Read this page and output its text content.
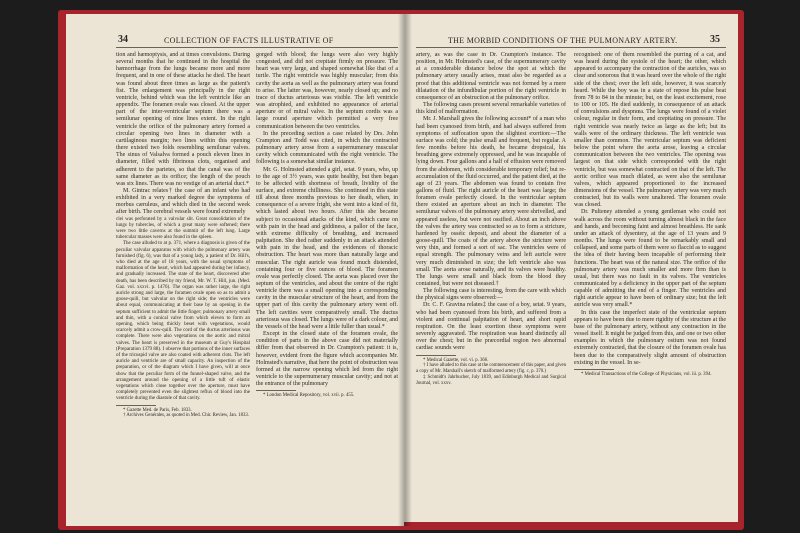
34	COLLECTION OF FACTS ILLUSTRATIVE OF

tion and hæmoptysis, and at times convulsions. During several months that he continued in the hospital the hæmorrhage from the lungs became more and more frequent, and in one of these attacks he died. The heart was found about three times as large as the patient's fist. The enlargement was principally in the right ventricle, behind which was the left ventricle like an appendix. The foramen ovale was closed. At the upper part of the inter-ventricular septum there was a semilunar opening of nine lines extent. In the right ventricle the orifice of the pulmonary artery formed a circular opening two lines in diameter with a cartilaginous margin; two lines within this opening there existed two folds resembling semilunar valves. The sinus of Valsalva formed a pouch eleven lines in diameter, filled with fibrinous clots, organised and adherent to the parietes, so that the canal was of the same diameter as its orifice; the length of the pouch was six lines. There was no vestige of an arterial duct.*

M. Gintrac relates† the case of an infant who had exhibited in a very marked degree the symptoms of morbus cæruleus, and which died in the second week after birth. The cerebral vessels were found extremely

clei was perforated by a valvular slit. Great consolidation of the lungs by tubercles, of which a great many were softened; there were two little caverns at the summit of the left lung. Large tubercular masses were also found in the spleen.

The case alluded to at p. 371, where a diagnosis is given of the peculiar valvular apparatus with which the pulmonary artery was furnished (fig. 6), was that of a young lady, a patient of Dr. Hill's, who died at the age of 18 years, with the usual symptoms of malformation of the heart, which had appeared during her infancy, and gradually increased. The state of the heart, discovered after death, has been described by my friend, Mr. W. T. Hill, jun. (Med. Gaz. vol. xxxvi. p. 1476). The organ was rather large, the right auricle strong and large, the foramen ovale open so as to admit a goose-quill, but valvular on the right side; the ventricles were about equal, communicating at their base by an opening in the septum sufficient to admit the little finger; pulmonary artery small and thin, with a conical valve from which eleven to form an opening, which being thickly beset with vegetations, would scarcely admit a crow-quill. The cord of the ductus arteriosus was complete. There were also vegetations on the aortic and mitral valves. The heart is preserved in the museum at Guy's Hospital (Preparation 1379 88). I observe that portions of the inner surfaces of the tricuspid valve are also coated with adherent clots. The left auricle and ventricle are of small capacity. An inspection of the preparation, or of the diagram which I have given, will at once show that the peculiar form of the funnel-shaped valve, and the arrangement around the opening of a little tuft of elastic vegetations which close together over the aperture, must have completely prevented even the slightest reflux of blood into the ventricle during the diastole of that cavity.

* Gazette Med. de Paris, Feb. 1833.

† Archives Genérales, as quoted in Med. Chir. Review, Jan. 1833.

gorged with blood; the lungs were also very highly congested, and did not crepitate firmly on pressure. The heart was very large, and shaped somewhat like that of a turtle. The right ventricle was highly muscular; from this cavity the aorta as well as the pulmonary artery was found to arise. The latter was, however, nearly closed up; and no trace of ductus arteriosus was visible. The left ventricle was atrophied, and exhibited no appearance of arterial aperture or of mitral valve. In the septum cordis was a large round aperture which permitted a very free communication between the two ventricles.

In the preceding section a case related by Drs. John Crampton and Todd was cited, in which the contracted pulmonary artery arose from a supernumerary muscular cavity which communicated with the right ventricle. The following is a somewhat similar instance.

Mr. G. Holmsted attended a girl, setat. 9 years, who, up to the age of 3½ years, was quite healthy, but then began to be affected with shortness of breath, lividity of the surface, and extreme chilliness. She continued in this state till about three months previous to her death, when, in consequence of a severe fright, she went into a kind of fit, which lasted about two hours. After this she became subject to occasional attacks of the kind, which came on with pain in the head and giddiness, a pallor of the face, with extreme difficulty of breathing, and increased palpitation. She died rather suddenly in an attack attended with pain in the head, and the evidences of thoracic obstruction. The heart was more than naturally large and muscular. The right auricle was found much distended, containing four or five ounces of blood. The foramen ovale was perfectly closed. The aorta was placed over the septum of the ventricles, and about the centre of the right ventricle there was a small opening into a corresponding cavity in the muscular structure of the heart, and from the upper part of this cavity the pulmonary artery went off. The left cavities were comparatively small. The ductus arteriosus was closed. The lungs were of a dark colour, and the vessels of the head were a little fuller than usual.*

Except in the closed state of the foramen ovale, the condition of parts in the above case did not materially differ from that observed in Dr. Crampton's patient: it is, however, evident from the figure which accompanies Mr. Holmsted's narrative, that here the point of obstruction was formed at the narrow opening which led from the right ventricle to the supernumerary muscular cavity; and not at the entrance of the pulmonary

* London Medical Repository, vol. xvii. p. 455.

THE MORBID CONDITIONS OF THE PULMONARY ARTERY.	35

artery, as was the case in Dr. Crampton's instance. The position, in Mr. Holmsted's case, of the supernumerary cavity at a considerable distance below the spot at which the pulmonary artery usually arises, must also be regarded as a proof that this additional ventricle was not formed by a mere dilatation of the infundibular portion of the right ventricle in consequence of an obstruction at the pulmonary orifice.

The following cases present several remarkable varieties of this kind of malformation.

Mr. J. Marshall gives the following account* of a man who had been cyanosed from birth, and had always suffered from symptoms of suffocation upon the slightest exertion:—The surface was cold; the pulse small and frequent, but regular. A few months before his death, he became dropsical, his breathing grew extremely oppressed, and he was incapable of lying down. Four gallons and a half of effusion were removed from the abdomen, with considerable temporary relief; but re-accumulation of the fluid occurred, and the patient died, at the age of 23 years. The abdomen was found to contain five gallons of fluid. The right auricle of the heart was large; the foramen ovale perfectly closed. In the ventricular septum there existed an aperture about an inch in diameter. The semilunar valves of the pulmonary artery were shrivelled, and appeared useless, but were not ossified. About an inch above the valves the artery was contracted so as to form a stricture, hardened by osséic deposit, and about the diameter of a goose-quill. The coats of the artery above the stricture were very thin, and formed a sort of sac. The ventricles were of equal strength. The pulmonary veins and left auricle were very much diminished in size; the left ventricle also was small. The aorta arose naturally, and its valves were healthy. The lungs were small and black from the blood they contained, but were not diseased.†

The following case is interesting, from the care with which the physical signs were observed:—

Dr. C. F. Gravina relates‡ the case of a boy, setat. 9 years, who had been cyanosed from his birth, and suffered from a violent and continual palpitation of heart, and short rapid respiration. On the least exertion these symptoms were severely aggravated. The respiration was heard distinctly all over the chest; but in the præcordial region two abnormal cardiac sounds were

* Medical Gazette, vol. vi. p. 366.

† I have alluded to this case at the commencement of this paper, and given a copy of Mr. Marshall's sketch of malformed artery (fig. c, p. 370.)

‡ Schmidt's Jahrbucher, July 1839, and Edinburgh Medical and Surgical Journal, vol. xxxv.

recognised: one of them resembled the purring of a cat, and was heard during the systole of the heart; the other, which appeared to accompany the contraction of the auricles, was so clear and sonorous that it was heard over the whole of the right side of the chest; over the left side, however, it was scarcely heard. While the boy was in a state of repose his pulse beat from 78 to 84 in the minute; but, on the least excitement, rose to 100 or 105. He died suddenly, in consequence of an attack of convulsions and dyspnœa. The lungs were found of a violet colour, regular in their form, and crepitating on pressure. The right ventricle was nearly twice as large as the left; but its walls were of the ordinary thickness. The left ventricle was smaller than common. The ventricular septum was deficient below the point where the aorta arose, leaving a circular communication between the two ventricles. The opening was largest on that side which corresponded with the right ventricle, but was somewhat contracted on that of the left. The aortic orifice was much dilated, as were also the semilunar valves, which appeared proportioned to the increased dimensions of the vessel. The pulmonary artery was very much contracted, but its walls were unaltered. The foramen ovale was closed.

Dr. Pulteney attended a young gentleman who could not walk across the room without turning almost black in the face and hands, and becoming faint and almost breathless. He sank under an attack of dysentery, at the age of 13 years and 9 months. The lungs were found to be remarkably small and collapsed, and some parts of them were so flaccid as to suggest the idea of their having been incapable of performing their functions. The heart was of the natural size. The orifice of the pulmonary artery was much smaller and more firm than is usual, but there was no fault in its valves. The ventricles communicated by a deficiency in the upper part of the septum capable of admitting the end of a finger. The ventricles and right auricle appear to have been of ordinary size; but the left auricle was very small.*

In this case the imperfect state of the ventricular septum appears to have been due to mere rigidity of the structure at the base of the pulmonary artery, without any contraction in the vessel itself. It might be judged from this, and one or two other examples in which the pulmonary ostium was not found extremely contracted, that the closure of the foramen ovale has been due to the comparatively slight amount of obstruction existing in the vessel. In se-

* Medical Transactions of the College of Physicians, vol. iii. p. 394.
